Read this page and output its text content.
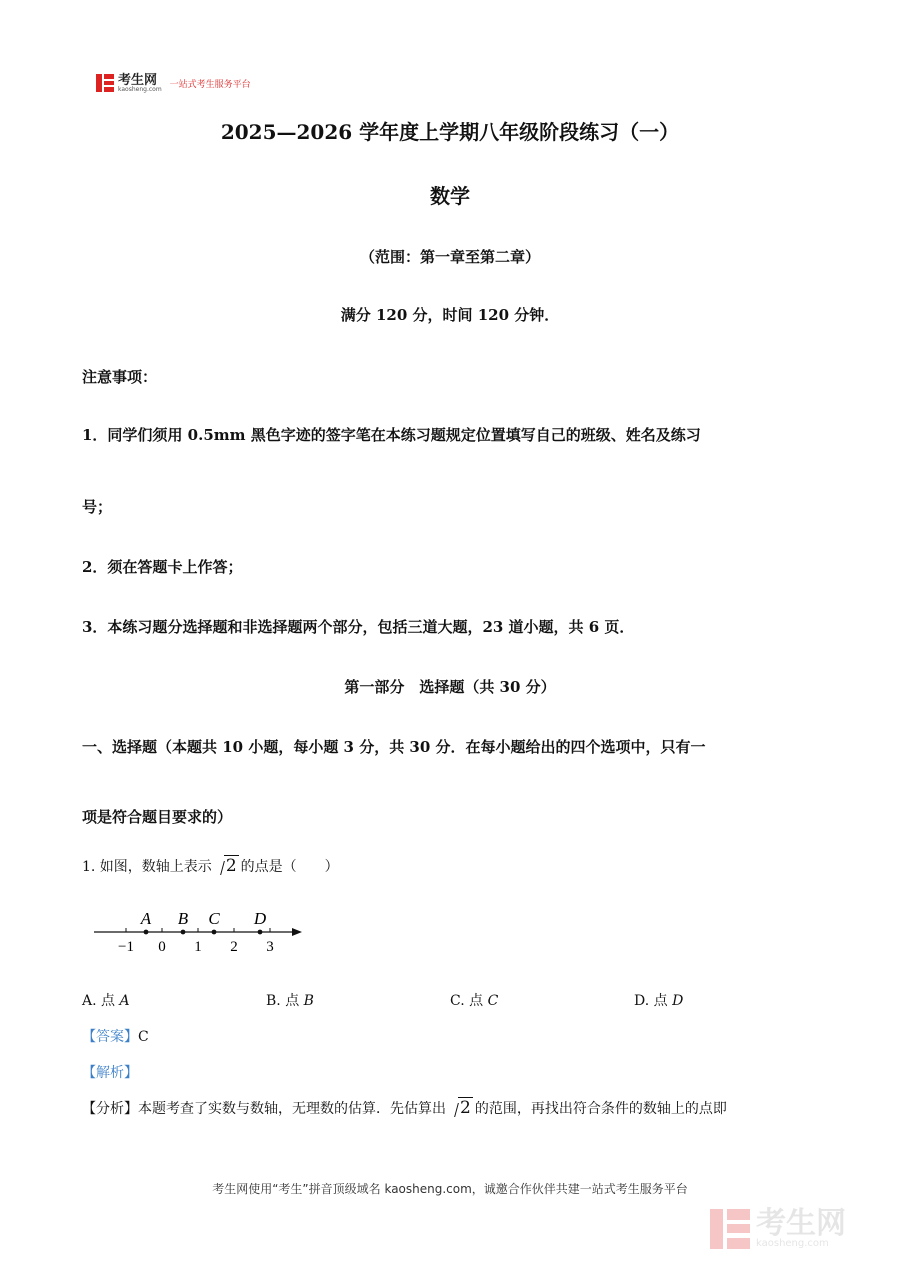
考生网
kaosheng.com 一站式考生服务平台
2025—2026 学年度上学期八年级阶段练习（一）
数学
（范围：第一章至第二章）
满分 120 分，时间 120 分钟．
注意事项：
1．同学们须用 0.5mm 黑色字迹的签字笔在本练习题规定位置填写自己的班级、姓名及练习
号；
2．须在答题卡上作答；
3．本练习题分选择题和非选择题两个部分，包括三道大题，23 道小题，共 6 页．
第一部分　选择题（共 30 分）
一、选择题（本题共 10 小题，每小题 3 分，共 30 分．在每小题给出的四个选项中，只有一
项是符合题目要求的）
1. 如图，数轴上表示 2 的点是（　　）
−1 0 1 2 3
A B C D
A. 点 A	B. 点 B	C. 点 C	D. 点 D
【答案】C
【解析】
【分析】本题考查了实数与数轴，无理数的估算．先估算出 2 的范围，再找出符合条件的数轴上的点即
考生网使用“考生”拼音顶级域名 kaosheng.com，诚邀合作伙伴共建一站式考生服务平台
考生网
kaosheng.com
